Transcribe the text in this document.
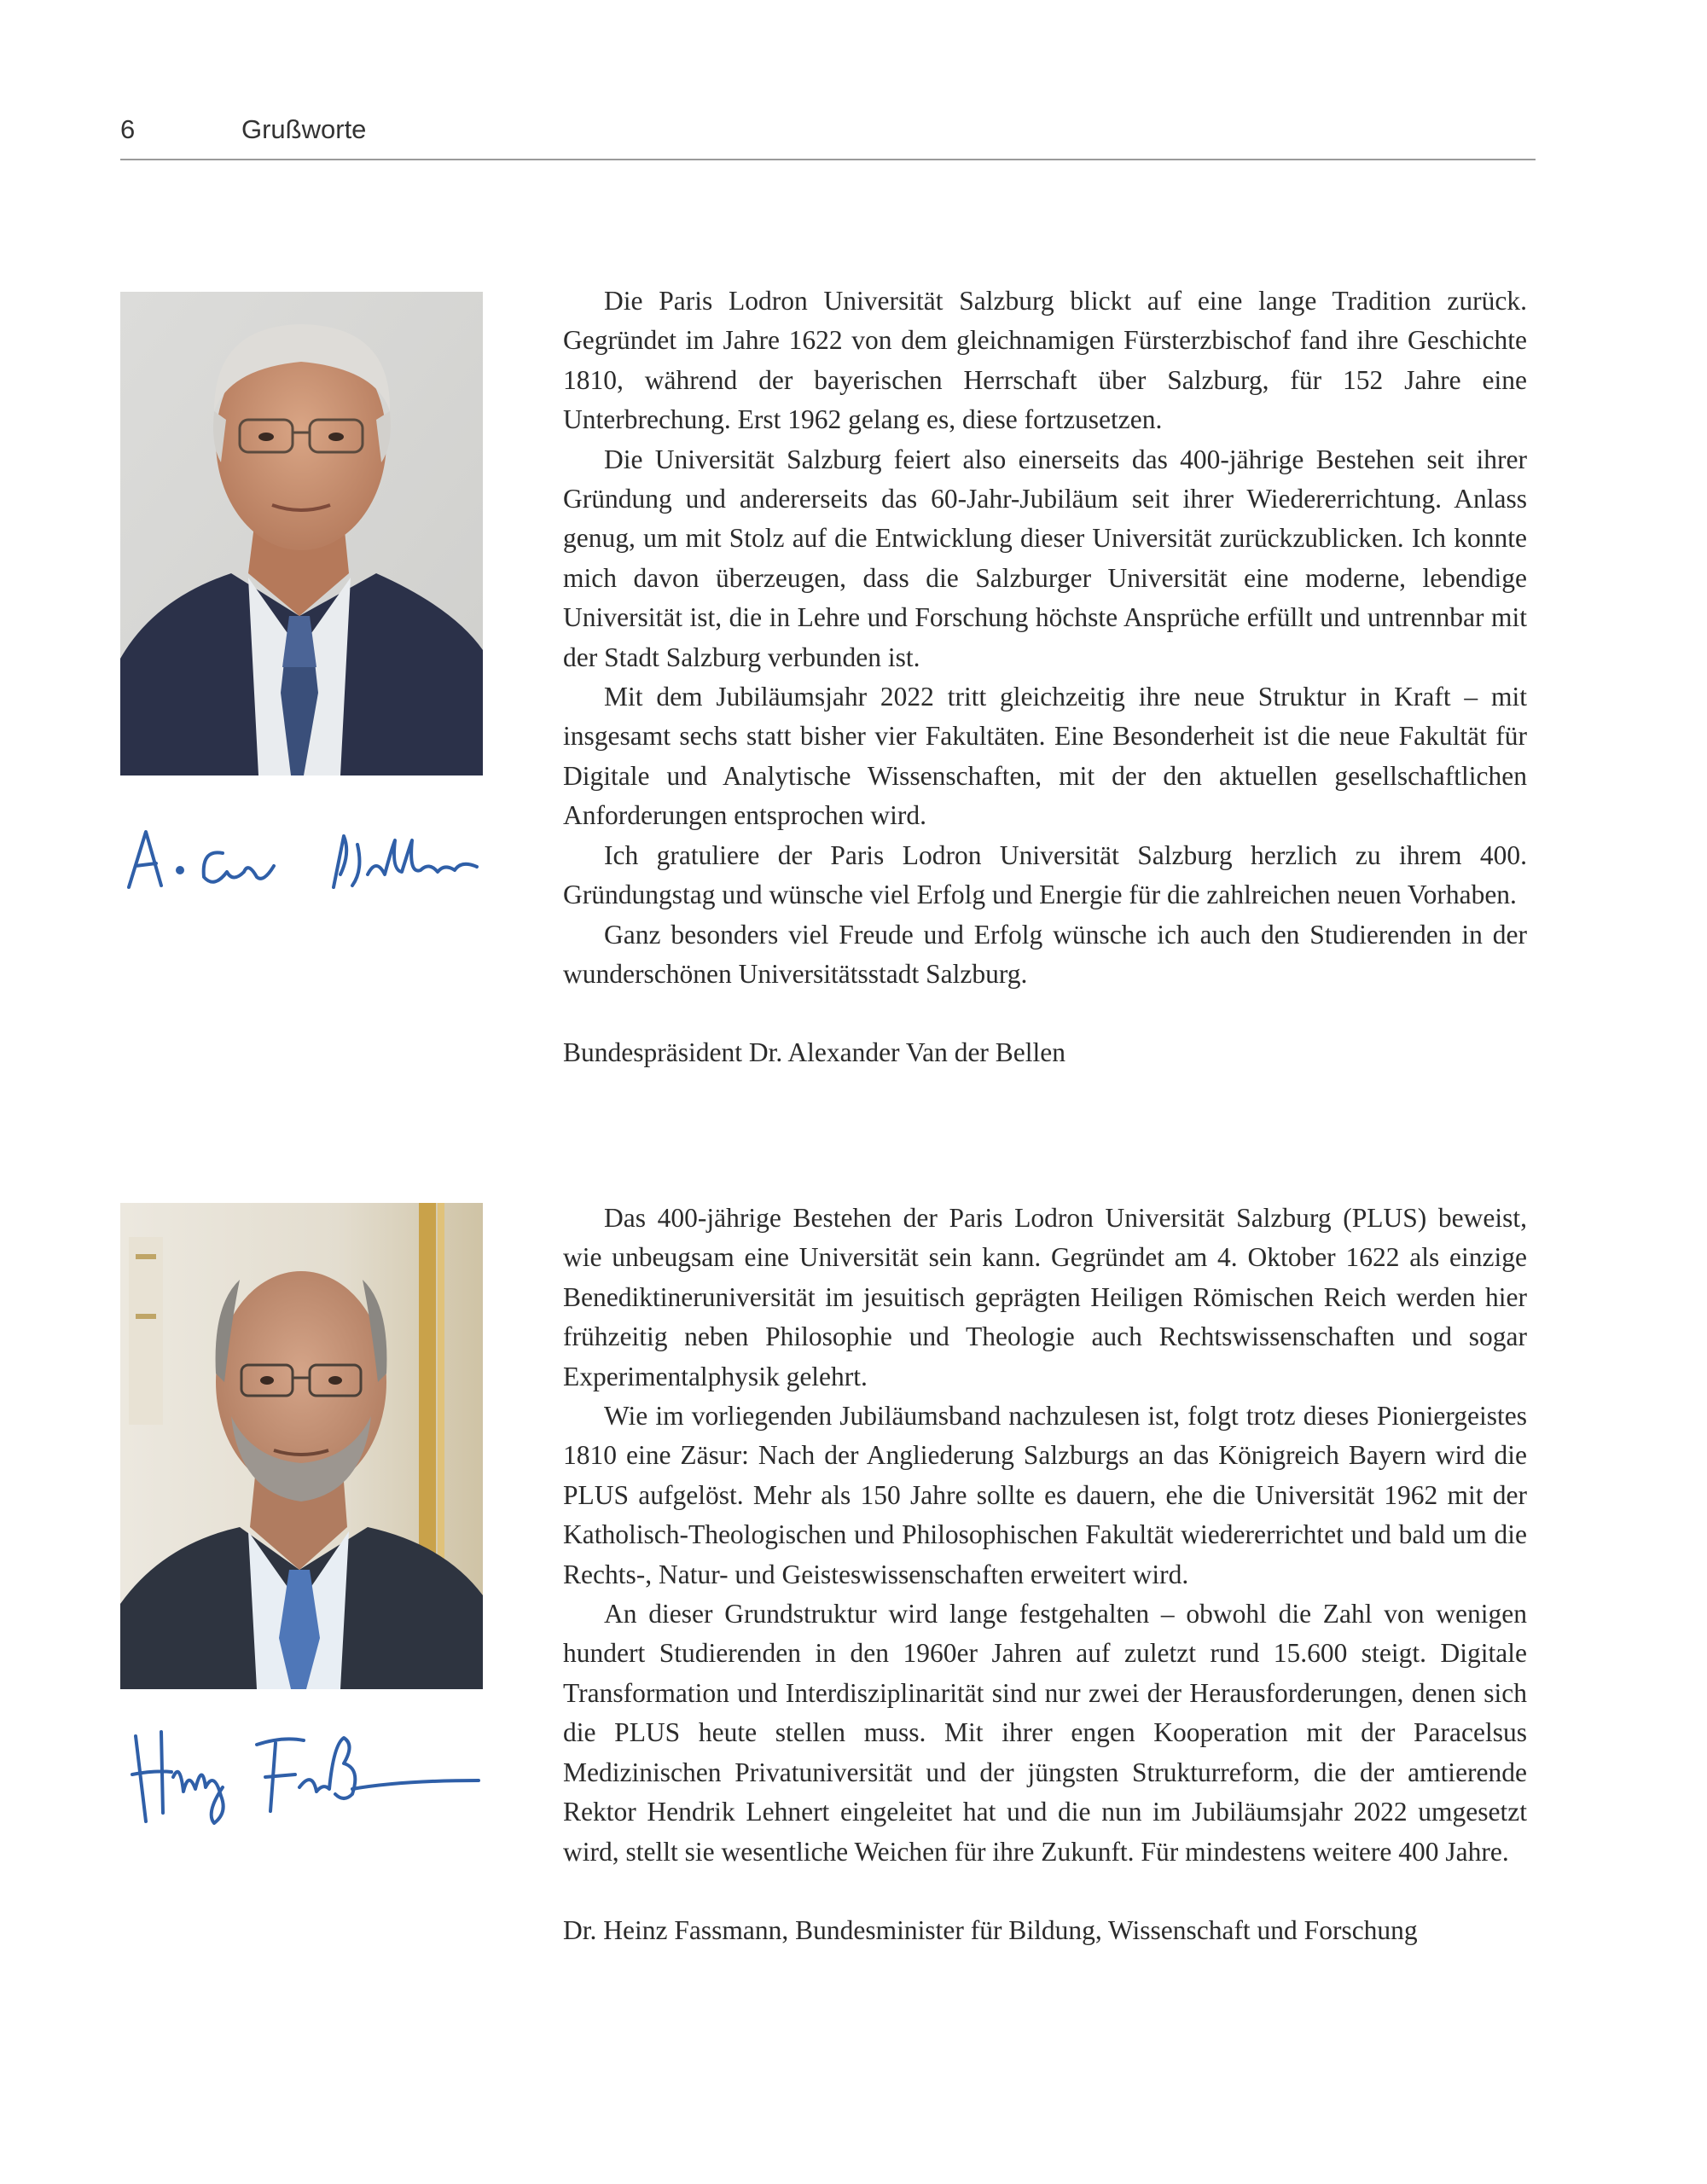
6	Grußworte

Die Paris Lodron Universität Salzburg blickt auf eine lange Tradition zurück. Gegründet im Jahre 1622 von dem gleichnamigen Fürsterzbischof fand ihre Geschichte 1810, während der bayerischen Herrschaft über Salzburg, für 152 Jahre eine Unterbrechung. Erst 1962 gelang es, diese fortzusetzen.

Die Universität Salzburg feiert also einerseits das 400-jährige Bestehen seit ihrer Gründung und andererseits das 60-Jahr-Jubiläum seit ihrer Wiedererrichtung. Anlass genug, um mit Stolz auf die Entwicklung dieser Universität zurückzublicken. Ich konnte mich davon überzeugen, dass die Salzburger Universität eine moderne, lebendige Universität ist, die in Lehre und Forschung höchste Ansprüche erfüllt und untrennbar mit der Stadt Salzburg verbunden ist.

Mit dem Jubiläumsjahr 2022 tritt gleichzeitig ihre neue Struktur in Kraft – mit insgesamt sechs statt bisher vier Fakultäten. Eine Besonderheit ist die neue Fakultät für Digitale und Analytische Wissenschaften, mit der den aktuellen gesellschaftlichen Anforderungen entsprochen wird.

Ich gratuliere der Paris Lodron Universität Salzburg herzlich zu ihrem 400. Gründungstag und wünsche viel Erfolg und Energie für die zahlreichen neuen Vorhaben.

Ganz besonders viel Freude und Erfolg wünsche ich auch den Studierenden in der wunderschönen Universitätsstadt Salzburg.

Bundespräsident Dr. Alexander Van der Bellen

Das 400-jährige Bestehen der Paris Lodron Universität Salzburg (PLUS) beweist, wie unbeugsam eine Universität sein kann. Gegründet am 4. Oktober 1622 als einzige Benediktineruniversität im jesuitisch geprägten Heiligen Römischen Reich werden hier frühzeitig neben Philosophie und Theologie auch Rechtswissenschaften und sogar Experimentalphysik gelehrt.

Wie im vorliegenden Jubiläumsband nachzulesen ist, folgt trotz dieses Pioniergeistes 1810 eine Zäsur: Nach der Angliederung Salzburgs an das Königreich Bayern wird die PLUS aufgelöst. Mehr als 150 Jahre sollte es dauern, ehe die Universität 1962 mit der Katholisch-Theologischen und Philosophischen Fakultät wiedererrichtet und bald um die Rechts-, Natur- und Geisteswissenschaften erweitert wird.

An dieser Grundstruktur wird lange festgehalten – obwohl die Zahl von wenigen hundert Studierenden in den 1960er Jahren auf zuletzt rund 15.600 steigt. Digitale Transformation und Interdisziplinarität sind nur zwei der Herausforderungen, denen sich die PLUS heute stellen muss. Mit ihrer engen Kooperation mit der Paracelsus Medizinischen Privatuniversität und der jüngsten Strukturreform, die der amtierende Rektor Hendrik Lehnert eingeleitet hat und die nun im Jubiläumsjahr 2022 umgesetzt wird, stellt sie wesentliche Weichen für ihre Zukunft. Für mindestens weitere 400 Jahre.

Dr. Heinz Fassmann, Bundesminister für Bildung, Wissenschaft und Forschung
